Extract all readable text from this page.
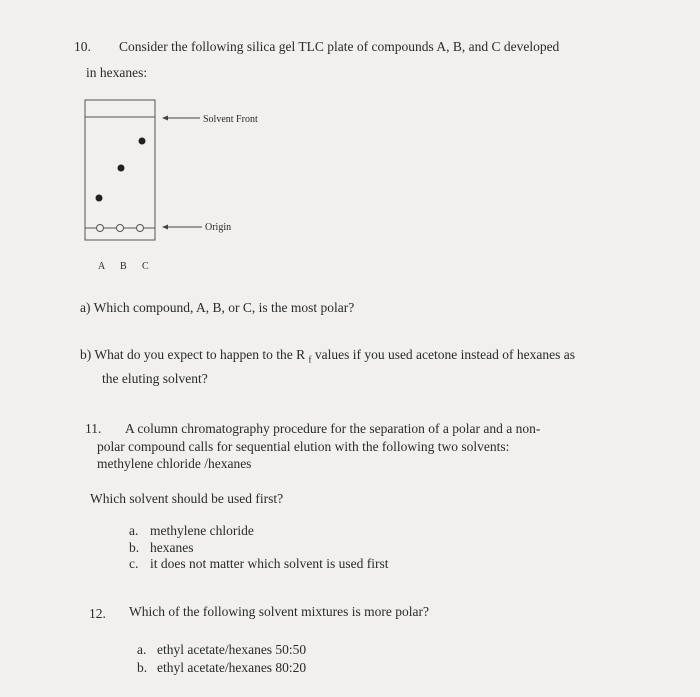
10. Consider the following silica gel TLC plate of compounds A, B, and C developed
in hexanes:
Solvent Front
Origin
A B C
a) Which compound, A, B, or C, is the most polar?
b) What do you expect to happen to the R $_f$ values if you used acetone instead of hexanes as
the eluting solvent?
11. A column chromatography procedure for the separation of a polar and a non-
polar compound calls for sequential elution with the following two solvents:
methylene chloride /hexanes
Which solvent should be used first?
a. methylene chloride
b. hexanes
c. it does not matter which solvent is used first
12. Which of the following solvent mixtures is more polar?
a. ethyl acetate/hexanes 50:50
b. ethyl acetate/hexanes 80:20
